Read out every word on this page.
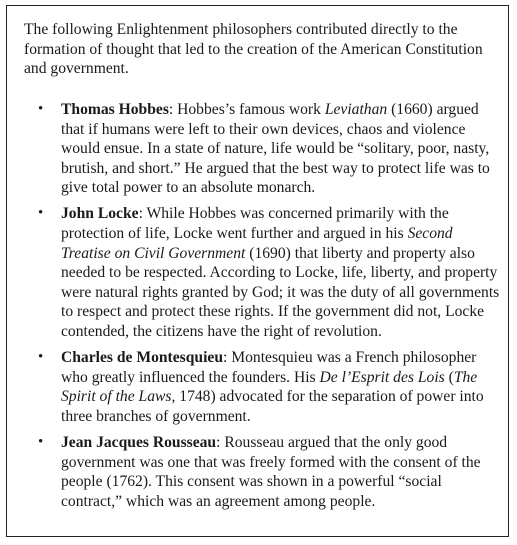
The following Enlightenment philosophers contributed directly to the formation of thought that led to the creation of the American Constitution and government.

• Thomas Hobbes: Hobbes’s famous work Leviathan (1660) argued that if humans were left to their own devices, chaos and violence would ensue. In a state of nature, life would be “solitary, poor, nasty, brutish, and short.” He argued that the best way to protect life was to give total power to an absolute monarch.
• John Locke: While Hobbes was concerned primarily with the protection of life, Locke went further and argued in his Second Treatise on Civil Government (1690) that liberty and property also needed to be respected. According to Locke, life, liberty, and property were natural rights granted by God; it was the duty of all governments to respect and protect these rights. If the government did not, Locke contended, the citizens have the right of revolution.
• Charles de Montesquieu: Montesquieu was a French philosopher who greatly influenced the founders. His De l’Esprit des Lois (The Spirit of the Laws, 1748) advocated for the separation of power into three branches of government.
• Jean Jacques Rousseau: Rousseau argued that the only good government was one that was freely formed with the consent of the people (1762). This consent was shown in a powerful “social contract,” which was an agreement among people.
